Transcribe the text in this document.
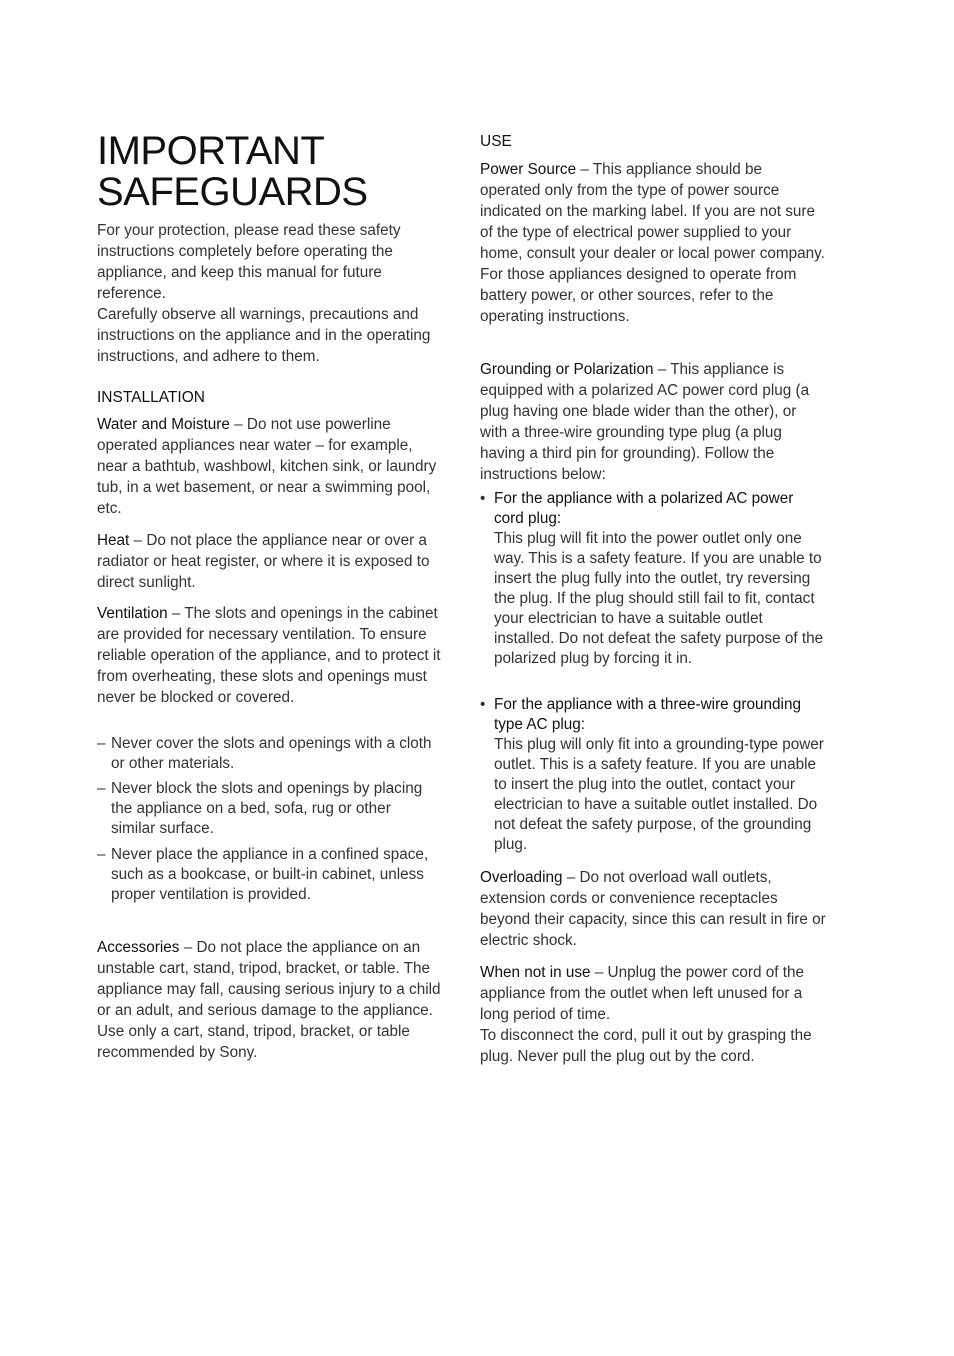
IMPORTANT
SAFEGUARDS

For your protection, please read these safety instructions completely before operating the appliance, and keep this manual for future reference.

Carefully observe all warnings, precautions and instructions on the appliance and in the operating instructions, and adhere to them.

INSTALLATION

Water and Moisture – Do not use powerline operated appliances near water – for example, near a bathtub, washbowl, kitchen sink, or laundry tub, in a wet basement, or near a swimming pool, etc.

Heat – Do not place the appliance near or over a radiator or heat register, or where it is exposed to direct sunlight.

Ventilation – The slots and openings in the cabinet are provided for necessary ventilation. To ensure reliable operation of the appliance, and to protect it from overheating, these slots and openings must never be blocked or covered.

– Never cover the slots and openings with a cloth or other materials.
– Never block the slots and openings by placing the appliance on a bed, sofa, rug or other similar surface.
– Never place the appliance in a confined space, such as a bookcase, or built-in cabinet, unless proper ventilation is provided.

Accessories – Do not place the appliance on an unstable cart, stand, tripod, bracket, or table. The appliance may fall, causing serious injury to a child or an adult, and serious damage to the appliance. Use only a cart, stand, tripod, bracket, or table recommended by Sony.

USE

Power Source – This appliance should be operated only from the type of power source indicated on the marking label. If you are not sure of the type of electrical power supplied to your home, consult your dealer or local power company. For those appliances designed to operate from battery power, or other sources, refer to the operating instructions.

Grounding or Polarization – This appliance is equipped with a polarized AC power cord plug (a plug having one blade wider than the other), or with a three-wire grounding type plug (a plug having a third pin for grounding). Follow the instructions below:

• For the appliance with a polarized AC power cord plug:
This plug will fit into the power outlet only one way. This is a safety feature. If you are unable to insert the plug fully into the outlet, try reversing the plug. If the plug should still fail to fit, contact your electrician to have a suitable outlet installed. Do not defeat the safety purpose of the polarized plug by forcing it in.
• For the appliance with a three-wire grounding type AC plug:
This plug will only fit into a grounding-type power outlet. This is a safety feature. If you are unable to insert the plug into the outlet, contact your electrician to have a suitable outlet installed. Do not defeat the safety purpose, of the grounding plug.

Overloading – Do not overload wall outlets, extension cords or convenience receptacles beyond their capacity, since this can result in fire or electric shock.

When not in use – Unplug the power cord of the appliance from the outlet when left unused for a long period of time.

To disconnect the cord, pull it out by grasping the plug. Never pull the plug out by the cord.
